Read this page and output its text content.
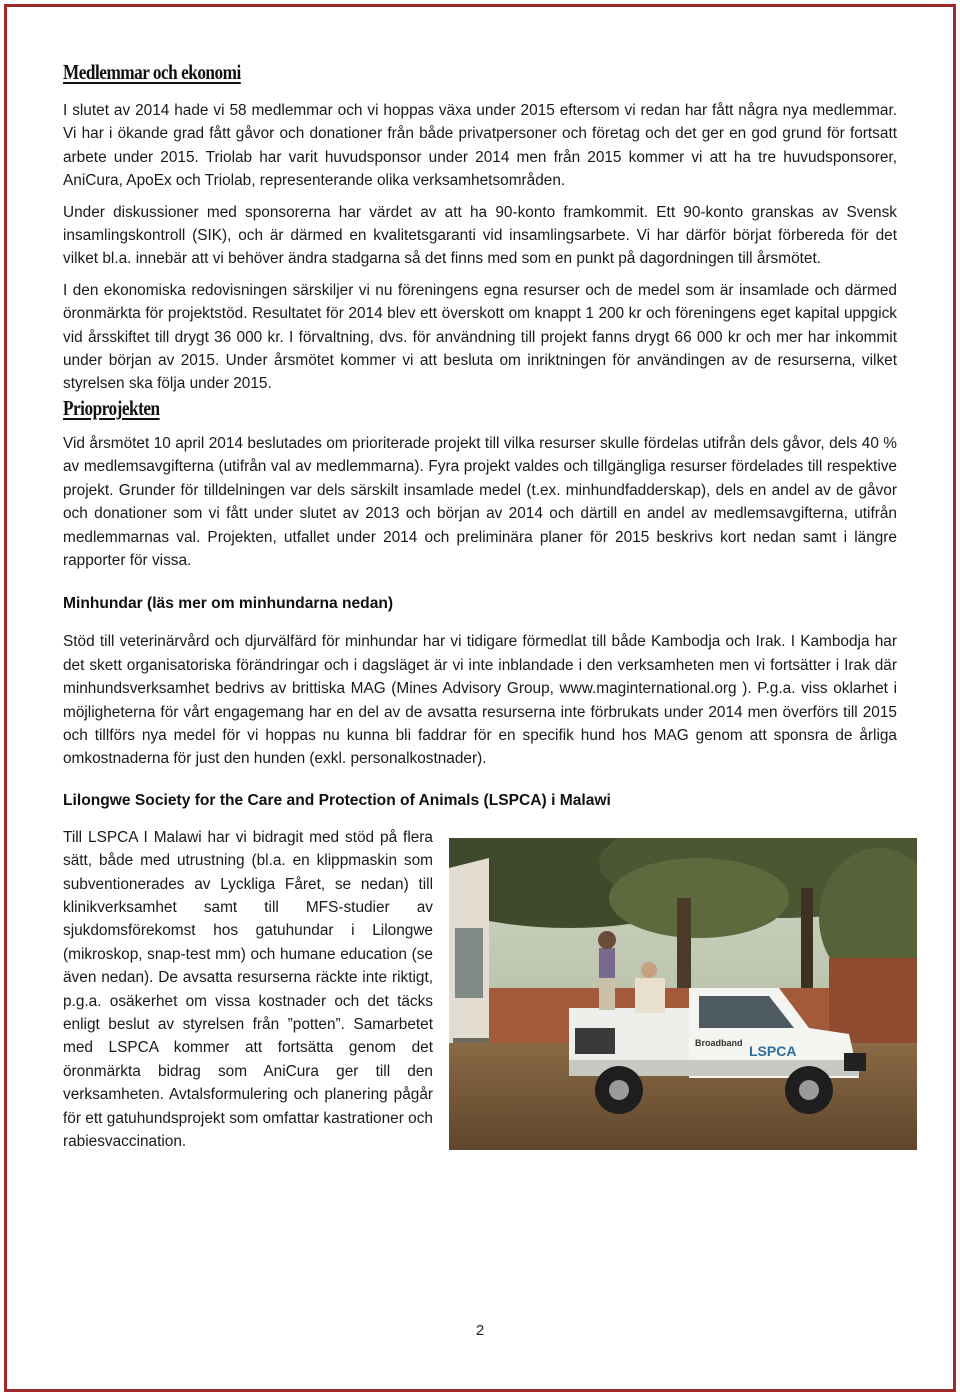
Medlemmar och ekonomi

I slutet av 2014 hade vi 58 medlemmar och vi hoppas växa under 2015 eftersom vi redan har fått några nya medlemmar. Vi har i ökande grad fått gåvor och donationer från både privatpersoner och företag och det ger en god grund för fortsatt arbete under 2015. Triolab har varit huvudsponsor under 2014 men från 2015 kommer vi att ha tre huvudsponsorer, AniCura, ApoEx och Triolab, representerande olika verksamhetsområden.

Under diskussioner med sponsorerna har värdet av att ha 90-konto framkommit. Ett 90-konto granskas av Svensk insamlingskontroll (SIK), och är därmed en kvalitetsgaranti vid insamlingsarbete. Vi har därför börjat förbereda för det vilket bl.a. innebär att vi behöver ändra stadgarna så det finns med som en punkt på dagordningen till årsmötet.

I den ekonomiska redovisningen särskiljer vi nu föreningens egna resurser och de medel som är insamlade och därmed öronmärkta för projektstöd. Resultatet för 2014 blev ett överskott om knappt 1 200 kr och föreningens eget kapital uppgick vid årsskiftet till drygt 36 000 kr. I förvaltning, dvs. för användning till projekt fanns drygt 66 000 kr och mer har inkommit under början av 2015. Under årsmötet kommer vi att besluta om inriktningen för användingen av de resurserna, vilket styrelsen ska följa under 2015.

Prioprojekten

Vid årsmötet 10 april 2014 beslutades om prioriterade projekt till vilka resurser skulle fördelas utifrån dels gåvor, dels 40 % av medlemsavgifterna (utifrån val av medlemmarna). Fyra projekt valdes och tillgängliga resurser fördelades till respektive projekt. Grunder för tilldelningen var dels särskilt insamlade medel (t.ex. minhundfadderskap), dels en andel av de gåvor och donationer som vi fått under slutet av 2013 och början av 2014 och därtill en andel av medlemsavgifterna, utifrån medlemmarnas val. Projekten, utfallet under 2014 och preliminära planer för 2015 beskrivs kort nedan samt i längre rapporter för vissa.

Minhundar (läs mer om minhundarna nedan)

Stöd till veterinärvård och djurvälfärd för minhundar har vi tidigare förmedlat till både Kambodja och Irak. I Kambodja har det skett organisatoriska förändringar och i dagsläget är vi inte inblandade i den verksamheten men vi fortsätter i Irak där minhundsverksamhet bedrivs av brittiska MAG (Mines Advisory Group, www.maginternational.org ). P.g.a. viss oklarhet i möjligheterna för vårt engagemang har en del av de avsatta resurserna inte förbrukats under 2014 men överförs till 2015 och tillförs nya medel för vi hoppas nu kunna bli faddrar för en specifik hund hos MAG genom att sponsra de årliga omkostnaderna för just den hunden (exkl. personalkostnader).

Lilongwe Society for the Care and Protection of Animals (LSPCA) i Malawi

Till LSPCA I Malawi har vi bidragit med stöd på flera sätt, både med utrustning (bl.a. en klippmaskin som subventionerades av Lyckliga Fåret, se nedan) till klinikverksamhet samt till MFS-studier av sjukdomsförekomst hos gatuhundar i Lilongwe (mikroskop, snap-test mm) och humane education (se även nedan). De avsatta resurserna räckte inte riktigt, p.g.a. osäkerhet om vissa kostnader och det täcks enligt beslut av styrelsen från ”potten”. Samarbetet med LSPCA kommer att fortsätta genom det öronmärkta bidrag som AniCura ger till den verksamheten. Avtalsformulering och planering pågår för ett gatuhundsprojekt som omfattar kastrationer och rabiesvaccination.

LSPCA
Broadband
2
